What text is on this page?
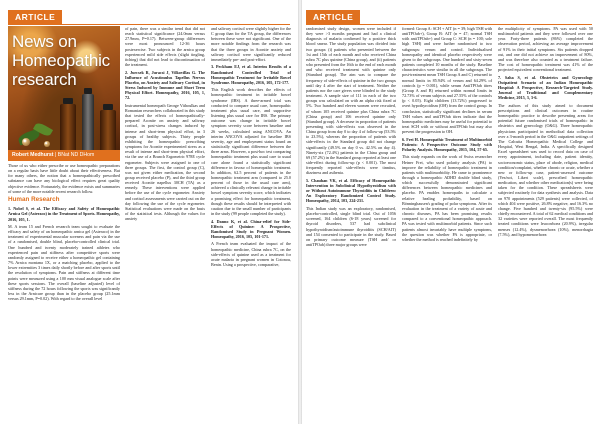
ARTICLE
News on
Homeopathic
research
Robert Medhurst | BNat ND DHom

Those of us who either prescribe or use homeopathic preparations on a regular basis have little doubt about their effectiveness. But for many others, the notion that a homeopathically prescribed substance can have any biological effect requires great quality objective evidence. Fortunately, the evidence exists and summaries of some of the more notable recent research follow.

Human Research

1. Nobel S, et al. The Efficacy and Safety of Homeopathic Arnica Gel (Asteraco) in the Treatment of Sports. Homeopathy, 2016, 105, 1.

M. A team 15 and French research team sought to evaluate the efficacy and safety of an homeopathic arnica gel (Asteraco) in the treatment of experimental muscular soreness and pain via the use of a randomised, double blind, placebo-controlled clinical trial. One hundred and twenty moderately trained athletes who experienced pain and stiffness after competitive sports were randomly assigned to receive either a homeopathic gel containing 7% Arnica montana 1X, or a matching placebo, applied to the lower extremities 3 times daily shortly before and after sports until the resolution of symptoms. Pain and stiffness at different time points were measured using a 100 mm visual analogue scale after these sports sessions. The overall (baseline adjusted) level of stiffness during the 72 hours following the sports was significantly less in the Arnicare group than in the placebo group (25.1mm versus 29.1mm, P=0.02). With regard to the overall level

of pain, there was a similar trend that did not reach statistical significance (24.0mm versus 27.9mm, P=0.17). Between-group differences were most pronounced 12-36 hours postexercise. Two subjects in the arnica group experienced mild side effects (slight tingling, itching) that did not lead to discontinuation of the treatment.

2. Jurcsek R, Juracsi J, Vilkovillas G. The Influence of Acustimulus Tapellus Nervus Placebo, on Anxiety and Salivary Cortisol, in Stress Induced by Immune and Short Term Physical Effort. Homeopathy, 2016, 105, 1, 72.

Instrumental homeopath George Vithoulkas and Romanian researchers collaborated in this study that tested the effects of homeopathically-prepared Aconite on anxiety and salivary cortisol, in post-stress changes induced by intense and short-term physical effort, in 3 groups of healthy subjects. Thirty people exhibiting the homeopathic prescribing symptoms for Aconite experimented stress as a result of intense and short-term physical effort, via the use of a Brunch Ergometric 978E cycle ergometer. Subjects were assigned to one of three groups. The first, the control group (C), was not given either medication, the second group received placebo (P), and the third group received Aconite napellus 30CH (TA) as a remedy. These interventions were applied before the use of the cycle ergometer. Anxiety and cortisol assessments were carried out on the day following the use of the cycle ergometer. Statistical evaluations were made on the basis of the statistical tests. Although the values for anxiety

and salivary cortisol were slightly higher for the C group than for the TA group, the differences between these were not significant. One of the more notable findings from the research was that the three groups in Aconite anxiety and salivary cortisol were significantly reduced immediately pre- and post-effort.

3. Peckham EJ, et al. Interim Results of a Randomised Controlled Trial of Homeopathic Treatment for Irritable Bowel Syndrome. Homeopathy, 2016, 105, 172-177.

This English work describes the effects of homeopathic treatment in irritable bowel syndrome (IBS). A three-armed trial was conducted to compare usual care, homeopathic treatment plus usual care, and supportive listening plus usual care for IBS. The primary outcome was change in irritable bowel symptom severity score between baseline and 26 weeks, calculated using ANCOVA. An interim ANCOVA adjusted for baseline IBS severity, age and employment status found an statistically significant difference between the three arms. However, a post-hoc test comparing homeopathic treatment plus usual care to usual care alone found a statistically significant difference in favour of homeopathic treatment. In addition, 62.5 percent of patients in the homeopathic treatment arm (compared to 25.0 percent of those in the usual care arm), achieved a clinically relevant change in irritable bowel symptom severity score, which indicates a promising effect for homeopathic treatment, though these results should be interpreted with caution due to the small number of participants in the study (99 people completed the study).

4. Danno K, et al. China-relief for Side-Effects of Quinine: A Prospective, Randomised Study in Pregnant Women. Homeopathy, 2016, 105, 101-171.

A French team evaluated the impact of the homeopathic medicine, China rubra 7C, on the side-effects of quinine used as a treatment for acute malaria in pregnant women in Cotonou, Benin. Using a prospective, comparative,

ARTICLE

randomised study design, women were included if they were >3 months pregnant and had a clinical diagnosis of malaria confirmed by a positive thick blood smear. The study population was divided into two groups: (i) patients who presented between the 1st and 15th of each month and who received China rubra 7C plus quinine (China group), and (ii) patients who presented from the 16th to the end of each month and who received treatment with quinine only (Standard group). The aim was to compare the frequency of side-effects of quinine in the two groups until day 4 after the start of treatment. Neither the patients nor the care givers were blinded to the study treatment. A sample size of 111 in each of the two groups was calculated on with an alpha risk fixed at 5%. Two hundred and eleven women were recruited, of whom 105 received quinine plus China rubra 7C (China group) and 106 received quinine only (Standard group). A decrease in proportion of patients presenting with side-effects was observed in the China group from day 0 to day 4 of follow-up (53.5% to 23.5%), whereas the proportion of patients with side-effects in the Standard group did not change significantly (49.5% on day 0 vs. 42.5% on day 4). Ninety-six (72.4%) patients in the China group and 69 (57.2%) in the Standard group reported at least one side-effect during follow-up (p < 0.001). The most frequently reported side-effects were tinnitus, dizziness and asthenia.

5. Chauhan VK, et al. Efficacy of Homeopathic Intervention in Subclinical Hypothyroidism with or Without Autoimmune Thyroiditis in Children: An Exploratory Randomized Control Study. Homeopathy, 2014, 103, 224-231.

This Indian study was an exploratory, randomised, placebo-controlled, single blind trial. Out of 1056 screened, 164 children (6-18 years) screened for thyroid disorders, 537 had subclinical hypothyroidism/autoimmune thyroiditis (SCH/AIT) and 154 consented to participate in the study. Based on primary outcome measure (TSH and/ or antiTPOab) three major groups were

formed: Group A: SCH + AIT (n = 39; high TSH with antiTPOab+), Group B: AIT (n = 47; normal TSH with antiTPOab+) and Group C: SCH (n = 100; sole high TSH) and were further randomised to two subgroups: verum and control. Individualised homeopathy and identical placebo respectively were given to the subgroups. One hundred and sixty-seven patients completed 10 months of the study. Baseline characteristics were similar in all the subgroups. The post-treatment mean TSH Group A and C) returned to normal limits in 85.94% of verum and 64.29% of controls (p = 0.001), while serum AntiTPOab titres (Group A and B) returned within normal limits in 72.73% of verum subjects and 27.55% of the controls (p < 0.05). Eight children (13.72%) progressed to overt hypothyroidism (OH) from the control group. In conclusion, statistically significant declines in serum TSH values and antiTPOab titres indicate that the homeopathic medicines may be useful for potential to treat SCH with or without antiTPOab but may also prevent the progression to OH.

6. Frei H. Homeopathic Treatment of Multimorbid Patients: A Prospective Outcome Study with Polarity Analysis. Homeopathy, 2015, 104, 57-65.

This study expands on the work of Swiss researcher Heiner Frei, who used polarity analysis (PA) to improve the reliability of homeopathic treatment in patients with multimorbidity. He came to prominence through a homeopathic ADHD double blind study, which successfully demonstrated significant differences between homeopathic medicines and placebo. PA enables homeopaths to calculate a relative healing probability, based on Bönninghausen's grading of polar symptoms. After its evaluation in the treatment of a variety of acute and chronic diseases, PA has been promising results compared to a conventional homeopathic approach. PA was tested with multimorbid patients. Since such patients almost invariably have multiple symptoms, the question was whether PA is appropriate, or whether the method is reached indefinitely by

the multiplicity of symptoms. PA was used with 50 multimorbid patients and they were followed over one year. Forty-three patients (86%) completed the observation period, achieving an average improvement of 91% in their initial symptoms. Six patients dropped out, and one did not achieve an improvement of 80%, and was therefore also counted as a treatment failure. The cost of homeopathic treatment was 41% of the projected equivalent conventional treatment.

7. Saha S, et al. Obstetrics and Gynecology Outpatient Scenario of an Indian Homeopathic Hospital: A Prospective, Research-Targeted Study. Journal of Traditional and Complementary Medicine, 2015, 3, 3-6.

The authors of this study aimed to document prescriptions and clinical outcomes in routine homeopathic practice to describe presenting areas for potential future randomised trials of homeopathic in obstetrics and gynecology (O&G). Three homeopathic physicians participated in methodical data collection over a 3-month period in the O&G outpatient settings of The Calcutta Homeopathic Medical College and Hospital, West Bengal, India. A specifically designed Excel spreadsheet was used to record data on case of every appointment, including date, patient identity, socioeconomic status, place of abode, religion, medical condition/complaint, whether chronic or acute, whether a new or follow-up case, patient-assessed outcome (Yes/not, Likert scale), prescribed homeopathic medication, and whether other medication(s) were being taken for the condition. These spreadsheets were subjected routinely for data synthesis and analysis. Data on 970 appointments (529 patients) were collected, of which 404 were positive, 26.8% negative, and 16.3% no change. Five hundred and twenty-six (95.5%) were chiefly encountered. A total of 62 medical conditions and 32 varieties were reported overall. The most frequently treated conditions were leucorrhoea (20.9%), irregular menses (12.4%), dysmenorrhoea (10%), menorrhagia (7.5%), and hypomenorrhoea
